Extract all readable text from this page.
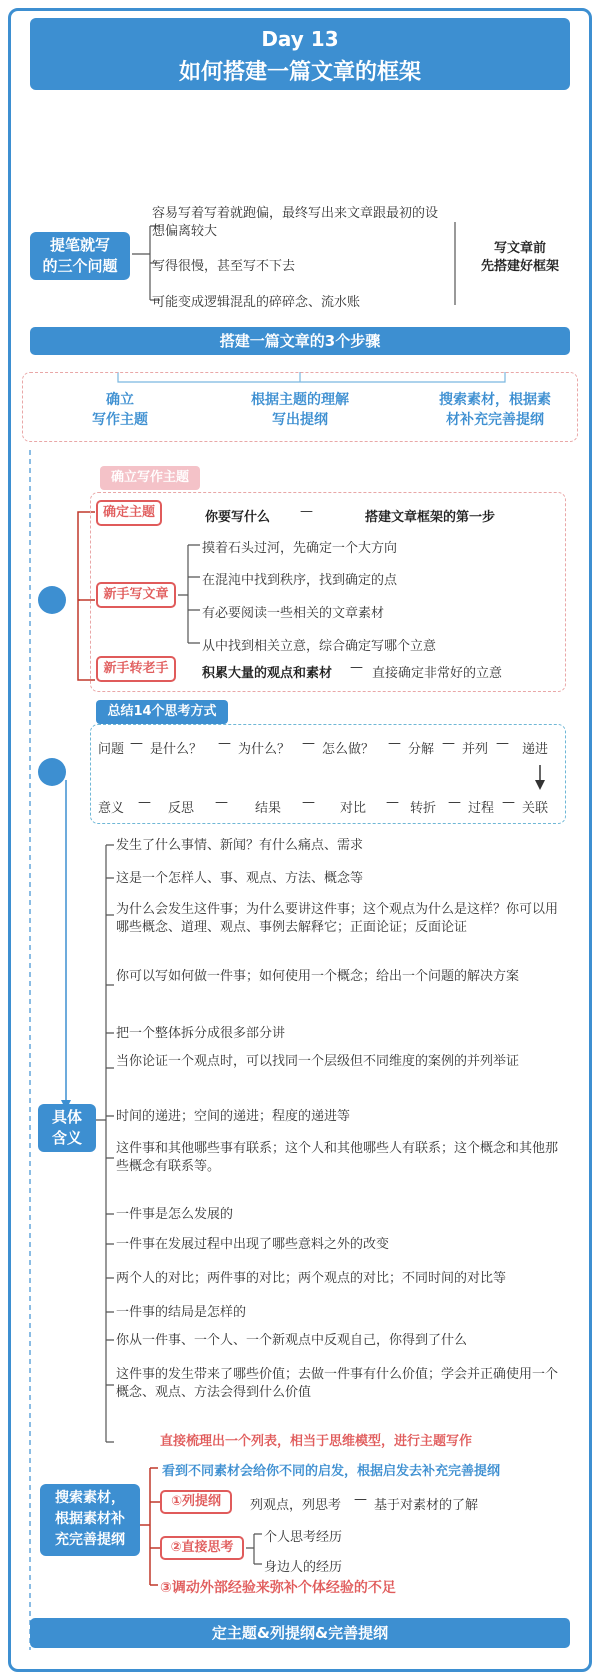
Day 13
如何搭建一篇文章的框架
提笔就写
的三个问题
容易写着写着就跑偏，最终写出来文章跟最初的设想偏离较大
写得很慢，甚至写不下去
可能变成逻辑混乱的碎碎念、流水账
写文章前
先搭建好框架
搭建一篇文章的3个步骤
确立
写作主题
根据主题的理解
写出提纲
搜索素材，根据素
材补充完善提纲
确立写作主题
确定主题	你要写什么 —	搭建文章框架的第一步
新手写文章
摸着石头过河，先确定一个大方向
在混沌中找到秩序，找到确定的点
有必要阅读一些相关的文章素材
从中找到相关立意，综合确定写哪个立意
新手转老手	积累大量的观点和素材 — 直接确定非常好的立意
总结14个思考方式
问题 — 是什么？ — 为什么？ — 怎么做？ — 分解 — 并列 — 递进
意义 — 反思 — 结果 — 对比 — 转折 — 过程 — 关联
具体
含义
发生了什么事情、新闻？有什么痛点、需求
这是一个怎样人、事、观点、方法、概念等
为什么会发生这件事；为什么要讲这件事；这个观点为什么是这样？你可以用哪些概念、道理、观点、事例去解释它；正面论证；反面论证
你可以写如何做一件事；如何使用一个概念；给出一个问题的解决方案
把一个整体拆分成很多部分讲
当你论证一个观点时，可以找同一个层级但不同维度的案例的并列举证
时间的递进；空间的递进；程度的递进等
这件事和其他哪些事有联系；这个人和其他哪些人有联系；这个概念和其他那些概念有联系等。
一件事是怎么发展的
一件事在发展过程中出现了哪些意料之外的改变
两个人的对比；两件事的对比；两个观点的对比；不同时间的对比等
一件事的结局是怎样的
你从一件事、一个人、一个新观点中反观自己，你得到了什么
这件事的发生带来了哪些价值；去做一件事有什么价值；学会并正确使用一个概念、观点、方法会得到什么价值
直接梳理出一个列表，相当于思维模型，进行主题写作
搜索素材，
根据素材补
充完善提纲
看到不同素材会给你不同的启发，根据启发去补充完善提纲
①列提纲	列观点，列思考 — 基于对素材的了解
②直接思考
个人思考经历
身边人的经历
③调动外部经验来弥补个体经验的不足
定主题&列提纲&完善提纲
